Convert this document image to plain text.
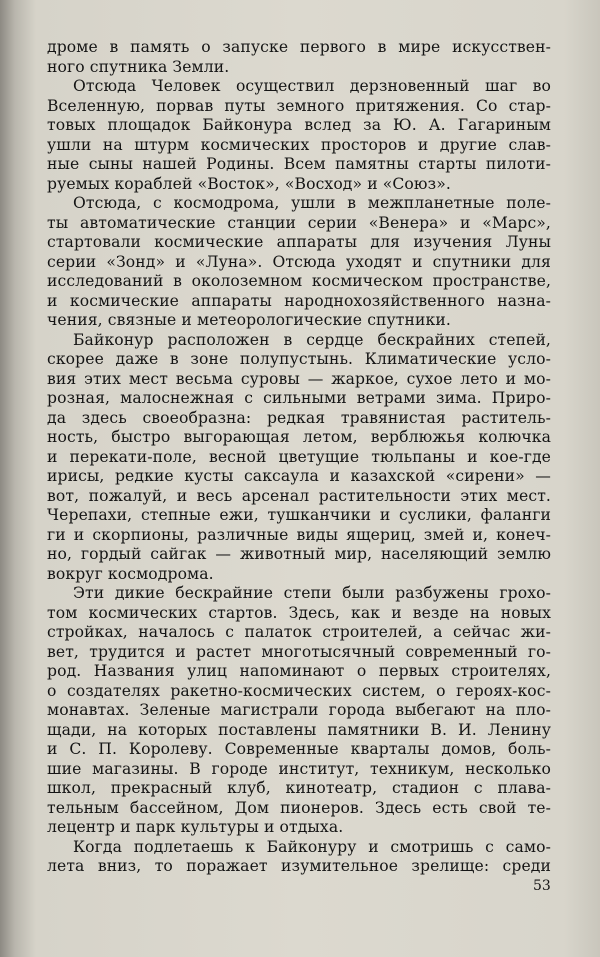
дроме в память о запуске первого в мире искусствен-
ного спутника Земли.
Отсюда Человек осуществил дерзновенный шаг во
Вселенную, порвав путы земного притяжения. Со стар-
товых площадок Байконура вслед за Ю. А. Гагариным
ушли на штурм космических просторов и другие слав-
ные сыны нашей Родины. Всем памятны старты пилоти-
руемых кораблей «Восток», «Восход» и «Союз».
Отсюда, с космодрома, ушли в межпланетные поле-
ты автоматические станции серии «Венера» и «Марс»,
стартовали космические аппараты для изучения Луны
серии «Зонд» и «Луна». Отсюда уходят и спутники для
исследований в околоземном космическом пространстве,
и космические аппараты народнохозяйственного назна-
чения, связные и метеорологические спутники.
Байконур расположен в сердце бескрайних степей,
скорее даже в зоне полупустынь. Климатические усло-
вия этих мест весьма суровы — жаркое, сухое лето и мо-
розная, малоснежная с сильными ветрами зима. Приро-
да здесь своеобразна: редкая травянистая раститель-
ность, быстро выгорающая летом, верблюжья колючка
и перекати-поле, весной цветущие тюльпаны и кое-где
ирисы, редкие кусты саксаула и казахской «сирени» —
вот, пожалуй, и весь арсенал растительности этих мест.
Черепахи, степные ежи, тушканчики и суслики, фаланги
ги и скорпионы, различные виды ящериц, змей и, конеч-
но, гордый сайгак — животный мир, населяющий землю
вокруг космодрома.
Эти дикие бескрайние степи были разбужены грохо-
том космических стартов. Здесь, как и везде на новых
стройках, началось с палаток строителей, а сейчас жи-
вет, трудится и растет многотысячный современный го-
род. Названия улиц напоминают о первых строителях,
о создателях ракетно-космических систем, о героях-кос-
монавтах. Зеленые магистрали города выбегают на пло-
щади, на которых поставлены памятники В. И. Ленину
и С. П. Королеву. Современные кварталы домов, боль-
шие магазины. В городе институт, техникум, несколько
школ, прекрасный клуб, кинотеатр, стадион с плава-
тельным бассейном, Дом пионеров. Здесь есть свой те-
лецентр и парк культуры и отдыха.
Когда подлетаешь к Байконуру и смотришь с само-
лета вниз, то поражает изумительное зрелище: среди
53
